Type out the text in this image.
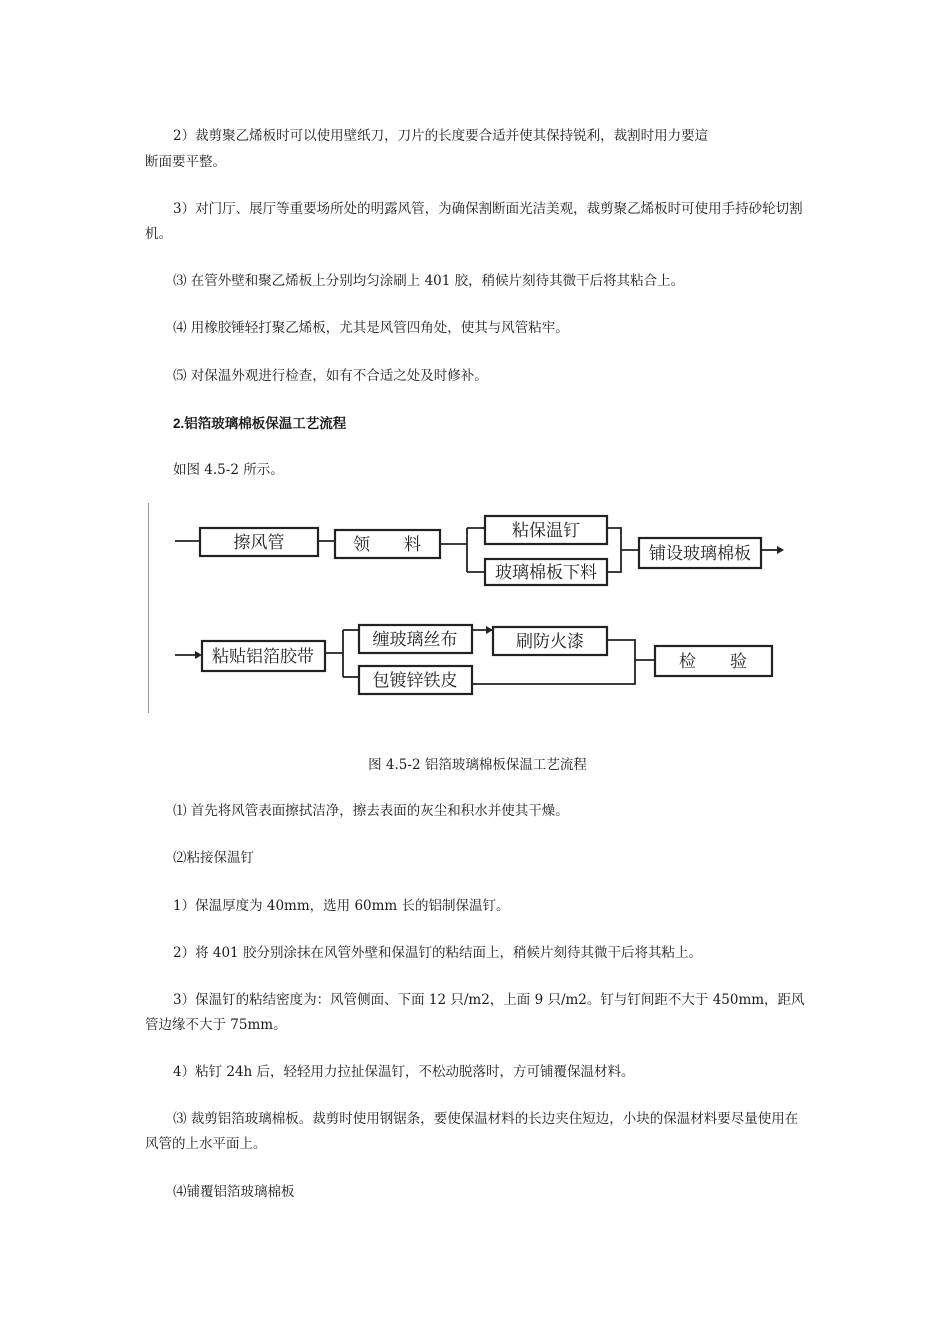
2）裁剪聚乙烯板时可以使用壁纸刀，刀片的长度要合适并使其保持锐利，裁割时用力要這

断面要平整。

3）对门厅、展厅等重要场所处的明露风管，为确保割断面光洁美观，裁剪聚乙烯板时可使用手持砂轮切割机。

⑶ 在管外壁和聚乙烯板上分别均匀涂刷上 401 胶，稍候片刻待其微干后将其粘合上。

⑷ 用橡胶锤轻打聚乙烯板，尤其是风管四角处，使其与风管粘牢。

⑸ 对保温外观进行检查，如有不合适之处及时修补。

2.铝箔玻璃棉板保温工艺流程

如图 4.5-2 所示。

擦风管	领　　料
粘保温钉
玻璃棉板下料
铺设玻璃棉板
粘贴铝箔胶带
缠玻璃丝布	刷防火漆
包镀锌铁皮
检　　验
图 4.5-2 铝箔玻璃棉板保温工艺流程

⑴ 首先将风管表面擦拭洁净，擦去表面的灰尘和积水并使其干燥。

⑵粘接保温钉

1）保温厚度为 40mm，选用 60mm 长的铝制保温钉。

2）将 401 胶分别涂抹在风管外壁和保温钉的粘结面上，稍候片刻待其微干后将其粘上。

3）保温钉的粘结密度为：风管侧面、下面 12 只/m2，上面 9 只/m2。钉与钉间距不大于 450mm，距风管边缘不大于 75mm。

4）粘钉 24h 后，轻轻用力拉扯保温钉，不松动脱落时，方可铺覆保温材料。

⑶ 裁剪铝箔玻璃棉板。裁剪时使用钢锯条，要使保温材料的长边夹住短边，小块的保温材料要尽量使用在风管的上水平面上。

⑷铺覆铝箔玻璃棉板
